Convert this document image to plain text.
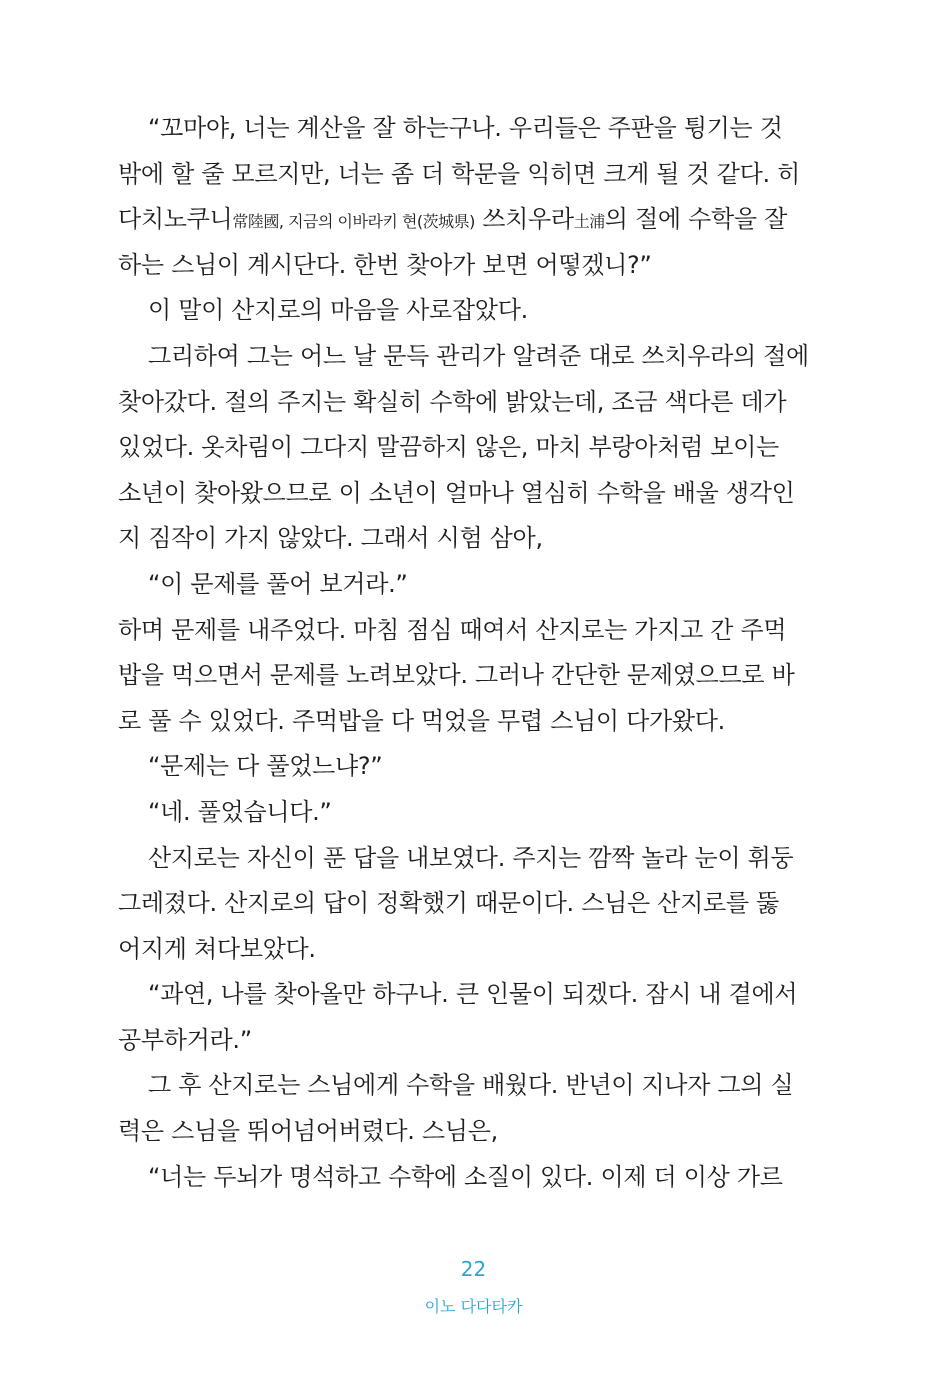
“꼬마야, 너는 계산을 잘 하는구나. 우리들은 주판을 튕기는 것
밖에 할 줄 모르지만, 너는 좀 더 학문을 익히면 크게 될 것 같다. 히
다치노쿠니常陸國, 지금의 이바라키 현(茨城県) 쓰치우라土浦의 절에 수학을 잘
하는 스님이 계시단다. 한번 찾아가 보면 어떻겠니?”
이 말이 산지로의 마음을 사로잡았다.
그리하여 그는 어느 날 문득 관리가 알려준 대로 쓰치우라의 절에
찾아갔다. 절의 주지는 확실히 수학에 밝았는데, 조금 색다른 데가
있었다. 옷차림이 그다지 말끔하지 않은, 마치 부랑아처럼 보이는
소년이 찾아왔으므로 이 소년이 얼마나 열심히 수학을 배울 생각인
지 짐작이 가지 않았다. 그래서 시험 삼아,
“이 문제를 풀어 보거라.”
하며 문제를 내주었다. 마침 점심 때여서 산지로는 가지고 간 주먹
밥을 먹으면서 문제를 노려보았다. 그러나 간단한 문제였으므로 바
로 풀 수 있었다. 주먹밥을 다 먹었을 무렵 스님이 다가왔다.
“문제는 다 풀었느냐?”
“네. 풀었습니다.”
산지로는 자신이 푼 답을 내보였다. 주지는 깜짝 놀라 눈이 휘둥
그레졌다. 산지로의 답이 정확했기 때문이다. 스님은 산지로를 뚫
어지게 쳐다보았다.
“과연, 나를 찾아올만 하구나. 큰 인물이 되겠다. 잠시 내 곁에서
공부하거라.”
그 후 산지로는 스님에게 수학을 배웠다. 반년이 지나자 그의 실
력은 스님을 뛰어넘어버렸다. 스님은,
“너는 두뇌가 명석하고 수학에 소질이 있다. 이제 더 이상 가르
22
이노 다다타카
